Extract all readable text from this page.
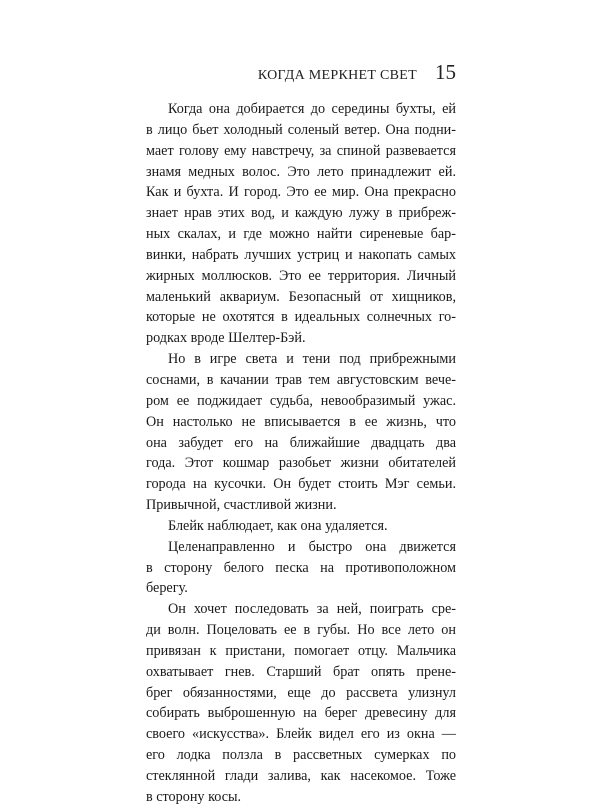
КОГДА МЕРКНЕТ СВЕТ 15
Когда она добирается до середины бухты, ей
в лицо бьет холодный соленый ветер. Она подни-
мает голову ему навстречу, за спиной развевается
знамя медных волос. Это лето принадлежит ей.
Как и бухта. И город. Это ее мир. Она прекрасно
знает нрав этих вод, и каждую лужу в прибреж-
ных скалах, и где можно найти сиреневые бар-
винки, набрать лучших устриц и накопать самых
жирных моллюсков. Это ее территория. Личный
маленький аквариум. Безопасный от хищников,
которые не охотятся в идеальных солнечных го-
родках вроде Шелтер-Бэй.
Но в игре света и тени под прибрежными
соснами, в качании трав тем августовским вече-
ром ее поджидает судьба, невообразимый ужас.
Он настолько не вписывается в ее жизнь, что
она забудет его на ближайшие двадцать два
года. Этот кошмар разобьет жизни обитателей
города на кусочки. Он будет стоить Мэг семьи.
Привычной, счастливой жизни.
Блейк наблюдает, как она удаляется.
Целенаправленно и быстро она движется
в сторону белого песка на противоположном
берегу.
Он хочет последовать за ней, поиграть сре-
ди волн. Поцеловать ее в губы. Но все лето он
привязан к пристани, помогает отцу. Мальчика
охватывает гнев. Старший брат опять прене-
брег обязанностями, еще до рассвета улизнул
собирать выброшенную на берег древесину для
своего «искусства». Блейк видел его из окна —
его лодка ползла в рассветных сумерках по
стеклянной глади залива, как насекомое. Тоже
в сторону косы.
